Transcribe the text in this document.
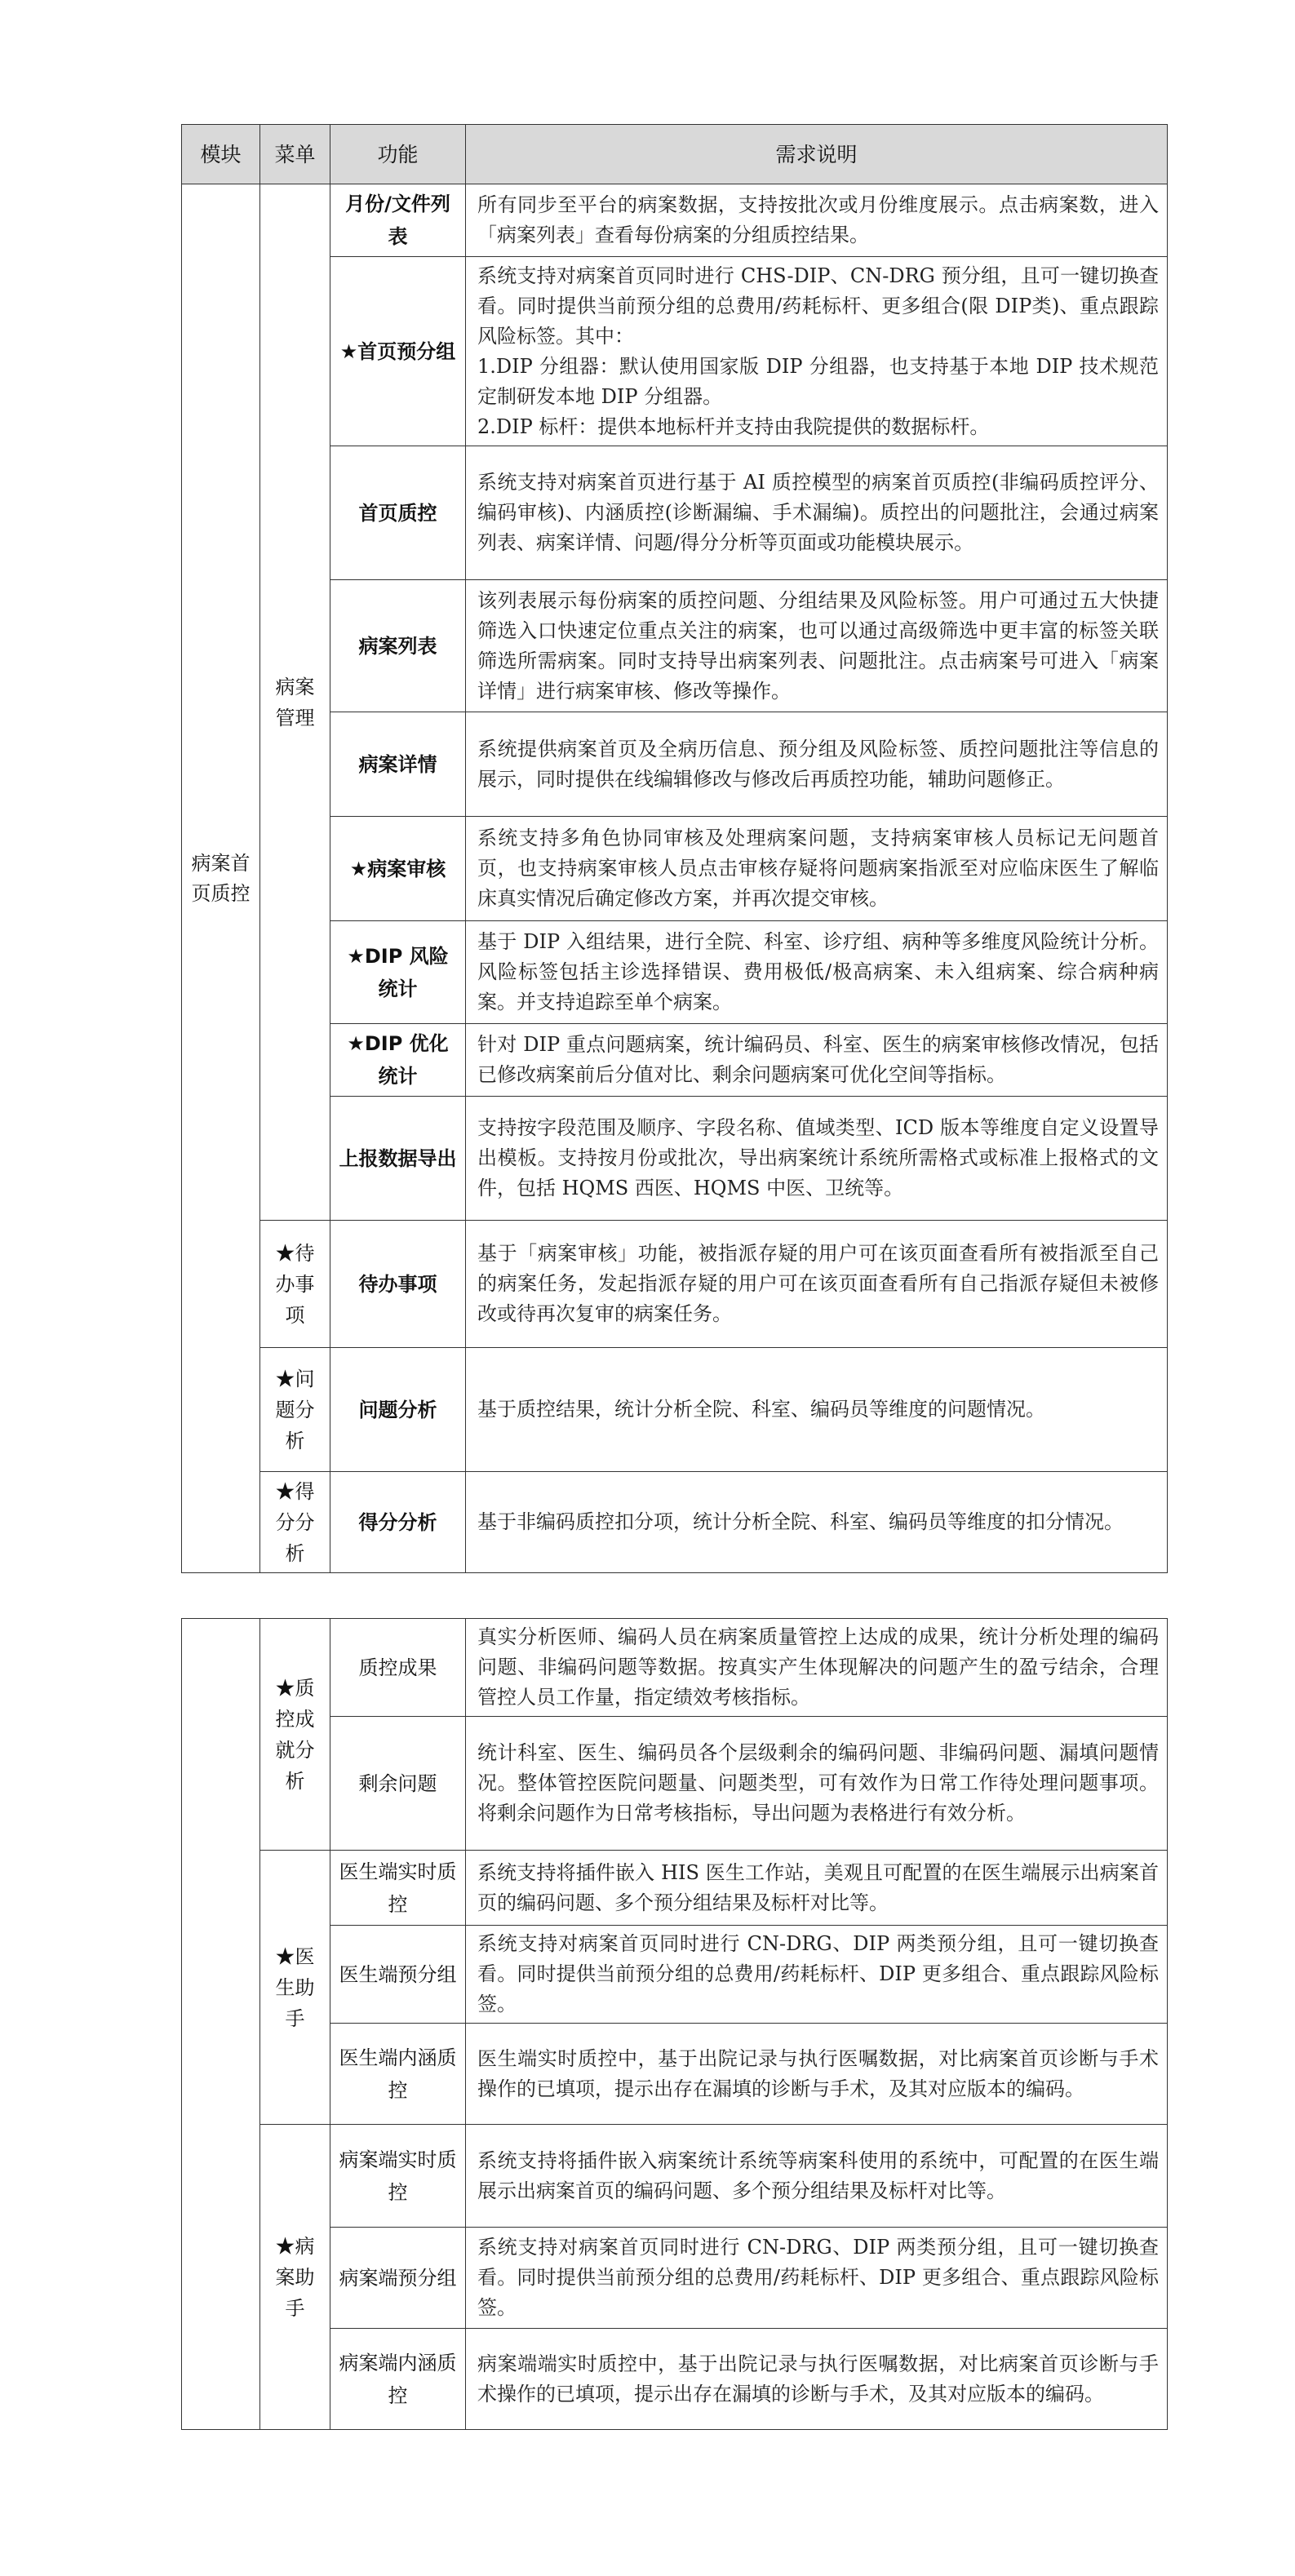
模块	菜单	功能	需求说明
病案首页质控	病案管理	月份/文件列表	所有同步至平台的病案数据，支持按批次或月份维度展示。点击病案数，进入「病案列表」查看每份病案的分组质控结果。
		★首页预分组	系统支持对病案首页同时进行 CHS-DIP、CN-DRG 预分组，且可一键切换查看。同时提供当前预分组的总费用/药耗标杆、更多组合(限 DIP类)、重点跟踪风险标签。其中：
1.DIP 分组器：默认使用国家版 DIP 分组器，也支持基于本地 DIP 技术规范定制研发本地 DIP 分组器。
2.DIP 标杆：提供本地标杆并支持由我院提供的数据标杆。

		首页质控	系统支持对病案首页进行基于 AI 质控模型的病案首页质控(非编码质控评分、编码审核)、内涵质控(诊断漏编、手术漏编)。质控出的问题批注，会通过病案列表、病案详情、问题/得分分析等页面或功能模块展示。
		病案列表	该列表展示每份病案的质控问题、分组结果及风险标签。用户可通过五大快捷筛选入口快速定位重点关注的病案，也可以通过高级筛选中更丰富的标签关联筛选所需病案。同时支持导出病案列表、问题批注。点击病案号可进入「病案详情」进行病案审核、修改等操作。
		病案详情	系统提供病案首页及全病历信息、预分组及风险标签、质控问题批注等信息的展示，同时提供在线编辑修改与修改后再质控功能，辅助问题修正。
		★病案审核	系统支持多角色协同审核及处理病案问题，支持病案审核人员标记无问题首页，也支持病案审核人员点击审核存疑将问题病案指派至对应临床医生了解临床真实情况后确定修改方案，并再次提交审核。
		★DIP 风险统计	基于 DIP 入组结果，进行全院、科室、诊疗组、病种等多维度风险统计分析。风险标签包括主诊选择错误、费用极低/极高病案、未入组病案、综合病种病案。并支持追踪至单个病案。
		★DIP 优化统计	针对 DIP 重点问题病案，统计编码员、科室、医生的病案审核修改情况，包括已修改病案前后分值对比、剩余问题病案可优化空间等指标。
		上报数据导出	支持按字段范围及顺序、字段名称、值域类型、ICD 版本等维度自定义设置导出模板。支持按月份或批次，导出病案统计系统所需格式或标准上报格式的文件，包括 HQMS 西医、HQMS 中医、卫统等。
	★待办事项	待办事项	基于「病案审核」功能，被指派存疑的用户可在该页面查看所有被指派至自己的病案任务，发起指派存疑的用户可在该页面查看所有自己指派存疑但未被修改或待再次复审的病案任务。
	★问题分析	问题分析	基于质控结果，统计分析全院、科室、编码员等维度的问题情况。
	★得分分析	得分分析	基于非编码质控扣分项，统计分析全院、科室、编码员等维度的扣分情况。
	★质控成就分析	质控成果	真实分析医师、编码人员在病案质量管控上达成的成果，统计分析处理的编码问题、非编码问题等数据。按真实产生体现解决的问题产生的盈亏结余，合理管控人员工作量，指定绩效考核指标。
		剩余问题	统计科室、医生、编码员各个层级剩余的编码问题、非编码问题、漏填问题情况。整体管控医院问题量、问题类型，可有效作为日常工作待处理问题事项。将剩余问题作为日常考核指标，导出问题为表格进行有效分析。
	★医生助手	医生端实时质控	系统支持将插件嵌入 HIS 医生工作站，美观且可配置的在医生端展示出病案首页的编码问题、多个预分组结果及标杆对比等。
		医生端预分组	系统支持对病案首页同时进行 CN-DRG、DIP 两类预分组，且可一键切换查看。同时提供当前预分组的总费用/药耗标杆、DIP 更多组合、重点跟踪风险标签。
		医生端内涵质控	医生端实时质控中，基于出院记录与执行医嘱数据，对比病案首页诊断与手术操作的已填项，提示出存在漏填的诊断与手术，及其对应版本的编码。
	★病案助手	病案端实时质控	系统支持将插件嵌入病案统计系统等病案科使用的系统中，可配置的在医生端展示出病案首页的编码问题、多个预分组结果及标杆对比等。
		病案端预分组	系统支持对病案首页同时进行 CN-DRG、DIP 两类预分组，且可一键切换查看。同时提供当前预分组的总费用/药耗标杆、DIP 更多组合、重点跟踪风险标签。
		病案端内涵质控	病案端端实时质控中，基于出院记录与执行医嘱数据，对比病案首页诊断与手术操作的已填项，提示出存在漏填的诊断与手术，及其对应版本的编码。
